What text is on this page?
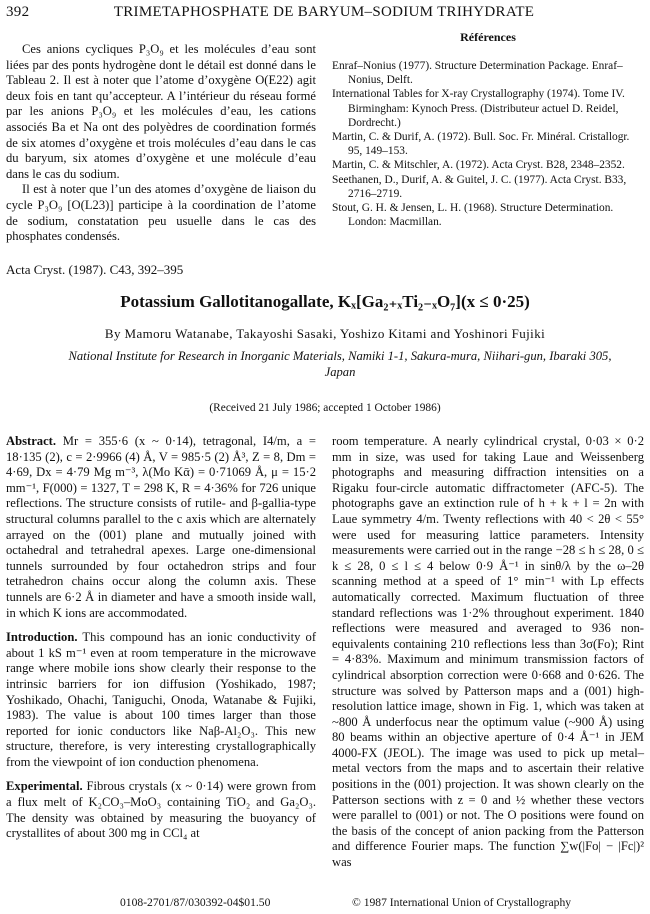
392	TRIMETAPHOSPHATE DE BARYUM–SODIUM TRIHYDRATE

Ces anions cycliques P₃O₉ et les molécules d’eau sont liées par des ponts hydrogène dont le détail est donné dans le Tableau 2. Il est à noter que l’atome d’oxygène O(E22) agit deux fois en tant qu’accepteur. A l’intérieur du réseau formé par les anions P₃O₉ et les molécules d’eau, les cations associés Ba et Na ont des polyèdres de coordination formés de six atomes d’oxygène et trois molécules d’eau dans le cas du baryum, six atomes d’oxygène et une molécule d’eau dans le cas du sodium.

Il est à noter que l’un des atomes d’oxygène de liaison du cycle P₃O₉ [O(L23)] participe à la coordination de l’atome de sodium, constatation peu usuelle dans le cas des phosphates condensés.

Références

Enraf–Nonius (1977). Structure Determination Package. Enraf–Nonius, Delft.

International Tables for X-ray Crystallography (1974). Tome IV. Birmingham: Kynoch Press. (Distributeur actuel D. Reidel, Dordrecht.)

Martin, C. & Durif, A. (1972). Bull. Soc. Fr. Minéral. Cristallogr. 95, 149–153.

Martin, C. & Mitschler, A. (1972). Acta Cryst. B28, 2348–2352.

Seethanen, D., Durif, A. & Guitel, J. C. (1977). Acta Cryst. B33, 2716–2719.

Stout, G. H. & Jensen, L. H. (1968). Structure Determination. London: Macmillan.

Acta Cryst. (1987). C43, 392–395
Potassium Gallotitanogallate, Kₓ[Ga₂₊ₓTi₂₋ₓO₇](x ≤ 0·25)
By Mamoru Watanabe, Takayoshi Sasaki, Yoshizo Kitami and Yoshinori Fujiki
National Institute for Research in Inorganic Materials, Namiki 1-1, Sakura-mura, Niihari-gun, Ibaraki 305, Japan
(Received 21 July 1986; accepted 1 October 1986)

Abstract. Mr = 355·6 (x ~ 0·14), tetragonal, I4/m, a = 18·135 (2), c = 2·9966 (4) Å, V = 985·5 (2) Å³, Z = 8, Dm = 4·69, Dx = 4·79 Mg m⁻³, λ(Mo Kᾱ) = 0·71069 Å, μ = 15·2 mm⁻¹, F(000) = 1327, T = 298 K, R = 4·36% for 726 unique reflections. The structure consists of rutile- and β-gallia-type structural columns parallel to the c axis which are alternately arrayed on the (001) plane and mutually joined with octahedral and tetrahedral apexes. Large one-dimensional tunnels surrounded by four octahedron strips and four tetrahedron chains occur along the column axis. These tunnels are 6·2 Å in diameter and have a smooth inside wall, in which K ions are accommodated.

Introduction. This compound has an ionic conductivity of about 1 kS m⁻¹ even at room temperature in the microwave range where mobile ions show clearly their response to the intrinsic barriers for ion diffusion (Yoshikado, 1987; Yoshikado, Ohachi, Taniguchi, Onoda, Watanabe & Fujiki, 1983). The value is about 100 times larger than those reported for ionic conductors like Naβ-Al₂O₃. This new structure, therefore, is very interesting crystallographically from the viewpoint of ion conduction phenomena.

Experimental. Fibrous crystals (x ~ 0·14) were grown from a flux melt of K₂CO₃–MoO₃ containing TiO₂ and Ga₂O₃. The density was obtained by measuring the buoyancy of crystallites of about 300 mg in CCl₄ at

room temperature. A nearly cylindrical crystal, 0·03 × 0·2 mm in size, was used for taking Laue and Weissenberg photographs and measuring diffraction intensities on a Rigaku four-circle automatic diffractometer (AFC-5). The photographs gave an extinction rule of h + k + l = 2n with Laue symmetry 4/m. Twenty reflections with 40 < 2θ < 55° were used for measuring lattice parameters. Intensity measurements were carried out in the range −28 ≤ h ≤ 28, 0 ≤ k ≤ 28, 0 ≤ l ≤ 4 below 0·9 Å⁻¹ in sinθ/λ by the ω–2θ scanning method at a speed of 1° min⁻¹ with Lp effects automatically corrected. Maximum fluctuation of three standard reflections was 1·2% throughout experiment. 1840 reflections were measured and averaged to 936 non-equivalents containing 210 reflections less than 3σ(Fo); Rint = 4·83%. Maximum and minimum transmission factors of cylindrical absorption correction were 0·668 and 0·626. The structure was solved by Patterson maps and a (001) high-resolution lattice image, shown in Fig. 1, which was taken at ~800 Å underfocus near the optimum value (~900 Å) using 80 beams within an objective aperture of 0·4 Å⁻¹ in JEM 4000-FX (JEOL). The image was used to pick up metal–metal vectors from the maps and to ascertain their relative positions in the (001) projection. It was shown clearly on the Patterson sections with z = 0 and ½ whether these vectors were parallel to (001) or not. The O positions were found on the basis of the concept of anion packing from the Patterson and difference Fourier maps. The function ∑w(|Fo| − |Fc|)² was

0108-2701/87/030392-04$01.50	© 1987 International Union of Crystallography
